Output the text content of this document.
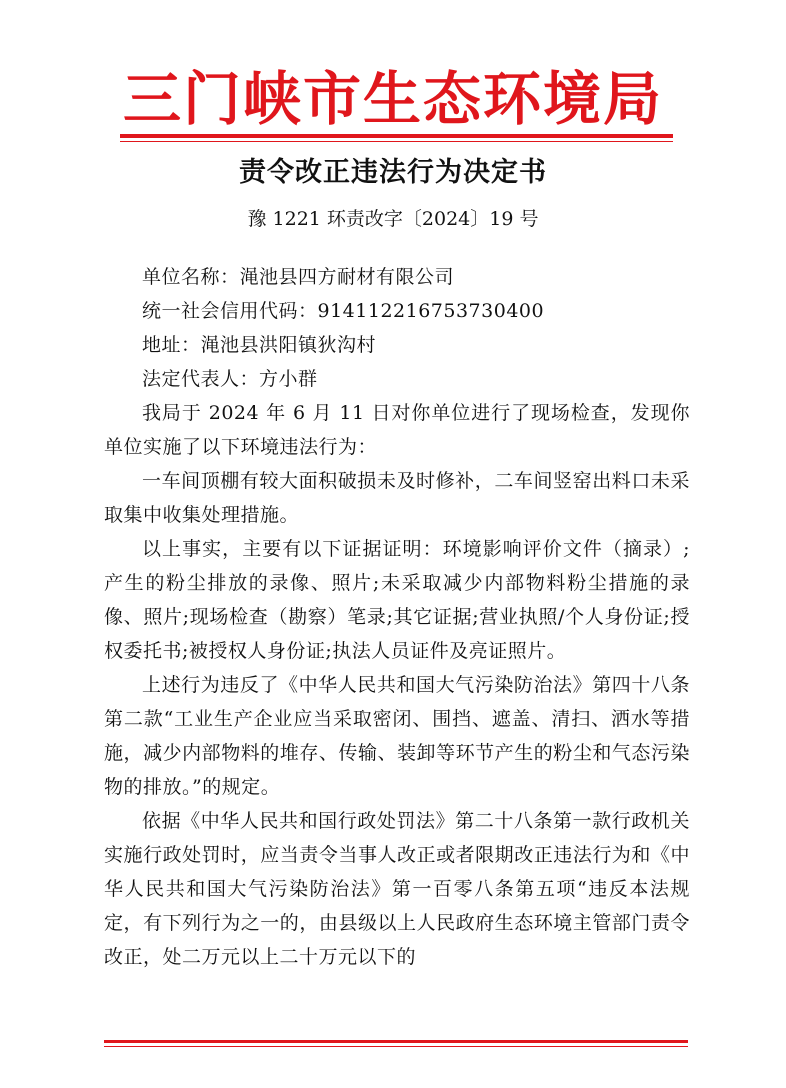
三门峡市生态环境局
责令改正违法行为决定书
豫 1221 环责改字〔2024〕19 号

单位名称：渑池县四方耐材有限公司

统一社会信用代码：91411221675373040​0

地址：渑池县洪阳镇狄沟村

法定代表人：方小群

我局于 2024 年 6 月 11 日对你单位进行了现场检查，发现你单位实施了以下环境违法行为：

一车间顶棚有较大面积破损未及时修补，二车间竖窑出料口未采取集中收集处理措施。

以上事实，主要有以下证据证明：环境影响评价文件（摘录）;产生的粉尘排放的录像、照片;未采取减少内部物料粉尘措施的录像、照片;现场检查（勘察）笔录;其它证据;营业执照/个人身份证;授权委托书;被授权人身份证;执法人员证件及亮证照片。

上述行为违反了《中华人民共和国大气污染防治法》第四十八条第二款“工业生产企业应当采取密闭、围挡、遮盖、清扫、洒水等措施，减少内部物料的堆存、传输、装卸等环节产生的粉尘和气态污染物的排放。”的规定。

依据《中华人民共和国行政处罚法》第二十八条第一款行政机关实施行政处罚时，应当责令当事人改正或者限期改正违法行为和《中华人民共和国大气污染防治法》第一百零八条第五项“违反本法规定，有下列行为之一的，由县级以上人民政府生态环境主管部门责令改正，处二万元以上二十万元以下的
